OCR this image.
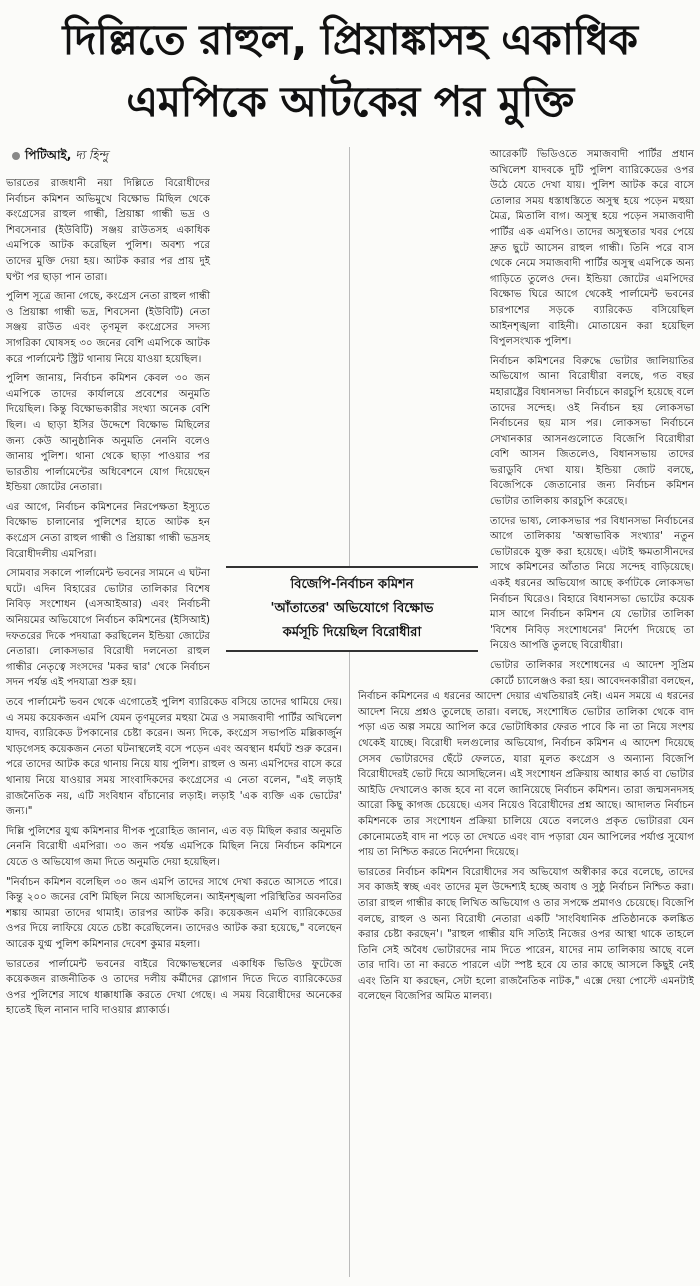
দিল্লিতে রাহুল, প্রিয়াঙ্কাসহ একাধিক
এমপিকে আটকের পর মুক্তি
পিটিআই, দ্য হিন্দু

ভারতের রাজধানী নয়া দিল্লিতে বিরোধীদের নির্বাচন কমিশন অভিমুখে বিক্ষোভ মিছিল থেকে কংগ্রেসের রাহুল গান্ধী, প্রিয়াঙ্কা গান্ধী ভদ্র ও শিবসেনার (ইউবিটি) সঞ্জয় রাউতসহ একাধিক এমপিকে আটক করেছিল পুলিশ। অবশ্য পরে তাদের মুক্তি দেয়া হয়। আটক করার পর প্রায় দুই ঘণ্টা পর ছাড়া পান তারা।

পুলিশ সূত্রে জানা গেছে, কংগ্রেস নেতা রাহুল গান্ধী ও প্রিয়াঙ্কা গান্ধী ভদ্র, শিবসেনা (ইউবিটি) নেতা সঞ্জয় রাউত এবং তৃণমূল কংগ্রেসের সদস্য সাগরিকা ঘোষসহ ৩০ জনের বেশি এমপিকে আটক করে পার্লামেন্ট স্ট্রিট থানায় নিয়ে যাওয়া হয়েছিল।

পুলিশ জানায়, নির্বাচন কমিশন কেবল ৩০ জন এমপিকে তাদের কার্যালয়ে প্রবেশের অনুমতি দিয়েছিল। কিন্তু বিক্ষোভকারীর সংখ্যা অনেক বেশি ছিল। এ ছাড়া ইসির উদ্দেশে বিক্ষোভ মিছিলের জন্য কেউ আনুষ্ঠানিক অনুমতি নেননি বলেও জানায় পুলিশ। থানা থেকে ছাড়া পাওয়ার পর ভারতীয় পার্লামেন্টের অধিবেশনে যোগ দিয়েছেন ইন্ডিয়া জোটের নেতারা।

এর আগে, নির্বাচন কমিশনের নিরপেক্ষতা ইস্যুতে বিক্ষোভ চালানোর পুলিশের হাতে আটক হন কংগ্রেস নেতা রাহুল গান্ধী ও প্রিয়াঙ্কা গান্ধী ভদ্রসহ বিরোধীদলীয় এমপিরা।

সোমবার সকালে পার্লামেন্ট ভবনের সামনে এ ঘটনা ঘটে। এদিন বিহারের ভোটার তালিকার বিশেষ নিবিড় সংশোধন (এসআইআর) এবং নির্বাচনী অনিয়মের অভিযোগে নির্বাচন কমিশনের (ইসিআই) দফতরের দিকে পদযাত্রা করছিলেন ইন্ডিয়া জোটের নেতারা। লোকসভার বিরোধী দলনেতা রাহুল গান্ধীর নেতৃত্বে সংসদের 'মকর দ্বার' থেকে নির্বাচন সদন পর্যন্ত এই পদযাত্রা শুরু হয়।

তবে পার্লামেন্ট ভবন থেকে এগোতেই পুলিশ ব্যারিকেড বসিয়ে তাদের থামিয়ে দেয়। এ সময় কয়েকজন এমপি যেমন তৃণমূলের মহুয়া মৈত্র ও সমাজবাদী পার্টির অখিলেশ যাদব, ব্যারিকেড টপকানোর চেষ্টা করেন। অন্য দিকে, কংগ্রেস সভাপতি মল্লিকার্জুন খাড়গেসহ কয়েকজন নেতা ঘটনাস্থলেই বসে পড়েন এবং অবস্থান ধর্মঘট শুরু করেন। পরে তাদের আটক করে থানায় নিয়ে যায় পুলিশ। রাহুল ও অন্য এমপিদের বাসে করে থানায় নিয়ে যাওয়ার সময় সাংবাদিকদের কংগ্রেসের এ নেতা বলেন, "এই লড়াই রাজনৈতিক নয়, এটি সংবিধান বাঁচানোর লড়াই। লড়াই 'এক ব্যক্তি এক ভোটের' জন্য।"

দিল্লি পুলিশের যুগ্ম কমিশনার দীপক পুরোহিত জানান, এত বড় মিছিল করার অনুমতি নেননি বিরোধী এমপিরা। ৩০ জন পর্যন্ত এমপিকে মিছিল নিয়ে নির্বাচন কমিশনে যেতে ও অভিযোগ জমা দিতে অনুমতি দেয়া হয়েছিল।

"নির্বাচন কমিশন বলেছিল ৩০ জন এমপি তাদের সাথে দেখা করতে আসতে পারে। কিন্তু ২০০ জনের বেশি মিছিল নিয়ে আসছিলেন। আইনশৃঙ্খলা পরিস্থিতির অবনতির শঙ্কায় আমরা তাদের থামাই। তারপর আটক করি। কয়েকজন এমপি ব্যারিকেডের ওপর দিয়ে লাফিয়ে যেতে চেষ্টা করেছিলেন। তাদেরও আটক করা হয়েছে," বলেছেন আরেক যুগ্ম পুলিশ কমিশনার দেবেশ কুমার মহলা।

ভারতের পার্লামেন্ট ভবনের বাইরে বিক্ষোভস্থলের একাধিক ভিডিও ফুটেজে কয়েকজন রাজনীতিক ও তাদের দলীয় কর্মীদের স্লোগান দিতে দিতে ব্যারিকেডের ওপর পুলিশের সাথে ধাক্কাধাক্কি করতে দেখা গেছে। এ সময় বিরোধীদের অনেকের হাতেই ছিল নানান দাবি দাওয়ার প্ল্যাকার্ড।

আরেকটি ভিডিওতে সমাজবাদী পার্টির প্রধান অখিলেশ যাদবকে দুটি পুলিশ ব্যারিকেডের ওপর উঠে যেতে দেখা যায়। পুলিশ আটক করে বাসে তোলার সময় ধস্তাধস্তিতে অসুস্থ হয়ে পড়েন মহুয়া মৈত্র, মিতালি বাগ। অসুস্থ হয়ে পড়েন সমাজবাদী পার্টির এক এমপিও। তাদের অসুস্থতার খবর পেয়ে দ্রুত ছুটে আসেন রাহুল গান্ধী। তিনি পরে বাস থেকে নেমে সমাজবাদী পার্টির অসুস্থ এমপিকে অন্য গাড়িতে তুলেও দেন। ইন্ডিয়া জোটের এমপিদের বিক্ষোভ ঘিরে আগে থেকেই পার্লামেন্ট ভবনের চারপাশের সড়কে ব্যারিকেড বসিয়েছিল আইনশৃঙ্খলা বাহিনী। মোতায়েন করা হয়েছিল বিপুলসংখ্যক পুলিশ।

নির্বাচন কমিশনের বিরুদ্ধে ভোটার জালিয়াতির অভিযোগ আনা বিরোধীরা বলছে, গত বছর মহারাষ্ট্রের বিধানসভা নির্বাচনে কারচুপি হয়েছে বলে তাদের সন্দেহ। ওই নির্বাচন হয় লোকসভা নির্বাচনের ছয় মাস পর। লোকসভা নির্বাচনে সেখানকার আসনগুলোতে বিজেপি বিরোধীরা বেশি আসন জিতলেও, বিধানসভায় তাদের ভরাডুবি দেখা যায়। ইন্ডিয়া জোট বলছে, বিজেপিকে জেতানোর জন্য নির্বাচন কমিশন ভোটার তালিকায় কারচুপি করেছে।

তাদের ভাষ্য, লোকসভার পর বিধানসভা নির্বাচনের আগে তালিকায় 'অস্বাভাবিক সংখ্যার' নতুন ভোটারকে যুক্ত করা হয়েছে। এটাই ক্ষমতাসীনদের সাথে কমিশনের আঁতাত নিয়ে সন্দেহ বাড়িয়েছে। একই ধরনের অভিযোগ আছে কর্ণাটকে লোকসভা নির্বাচন ঘিরেও। বিহারে বিধানসভা ভোটের কয়েক মাস আগে নির্বাচন কমিশন যে ভোটার তালিকা 'বিশেষ নিবিড় সংশোধনের' নির্দেশ দিয়েছে তা নিয়েও আপত্তি তুলছে বিরোধীরা।

ভোটার তালিকার সংশোধনের এ আদেশ সুপ্রিম কোর্টে চ্যালেঞ্জও করা হয়। আবেদনকারীরা বলছেন, নির্বাচন কমিশনের এ ধরনের আদেশ দেয়ার এখতিয়ারই নেই। এমন সময়ে এ ধরনের আদেশ নিয়ে প্রশ্নও তুলেছে তারা। বলছে, সংশোধিত ভোটার তালিকা থেকে বাদ পড়া এত অল্প সময়ে আপিল করে ভোটাধিকার ফেরত পাবে কি না তা নিয়ে সংশয় থেকেই যাচ্ছে। বিরোধী দলগুলোর অভিযোগ, নির্বাচন কমিশন এ আদেশ দিয়েছে সেসব ভোটারদের ছেঁটে ফেলতে, যারা মূলত কংগ্রেস ও অন্যান্য বিজেপি বিরোধীদেরই ভোট দিয়ে আসছিলেন। এই সংশোধন প্রক্রিয়ায় আধার কার্ড বা ভোটার আইডি দেখালেও কাজ হবে না বলে জানিয়েছে নির্বাচন কমিশন। তারা জন্মসনদসহ আরো কিছু কাগজ চেয়েছে। এসব নিয়েও বিরোধীদের প্রশ্ন আছে। আদালত নির্বাচন কমিশনকে তার সংশোধন প্রক্রিয়া চালিয়ে যেতে বললেও প্রকৃত ভোটাররা যেন কোনোমতেই বাদ না পড়ে তা দেখতে এবং বাদ পড়ারা যেন আপিলের পর্যাপ্ত সুযোগ পায় তা নিশ্চিত করতে নির্দেশনা দিয়েছে।

ভারতের নির্বাচন কমিশন বিরোধীদের সব অভিযোগ অস্বীকার করে বলেছে, তাদের সব কাজই স্বচ্ছ এবং তাদের মূল উদ্দেশ্যই হচ্ছে অবাধ ও সুষ্ঠু নির্বাচন নিশ্চিত করা। তারা রাহুল গান্ধীর কাছে লিখিত অভিযোগ ও তার সপক্ষে প্রমাণও চেয়েছে। বিজেপি বলছে, রাহুল ও অন্য বিরোধী নেতারা একটি 'সাংবিধানিক প্রতিষ্ঠানকে কলঙ্কিত করার চেষ্টা করছেন'। "রাহুল গান্ধীর যদি সত্যিই নিজের ওপর আস্থা থাকে তাহলে তিনি সেই অবৈধ ভোটারদের নাম দিতে পারেন, যাদের নাম তালিকায় আছে বলে তার দাবি। তা না করতে পারলে এটা স্পষ্ট হবে যে তার কাছে আসলে কিছুই নেই এবং তিনি যা করছেন, সেটা হলো রাজনৈতিক নাটক," এক্সে দেয়া পোস্টে এমনটাই বলেছেন বিজেপির অমিত মালব্য।

বিজেপি-নির্বাচন কমিশন
'আঁতাতের' অভিযোগে বিক্ষোভ
কর্মসূচি দিয়েছিল বিরোধীরা
